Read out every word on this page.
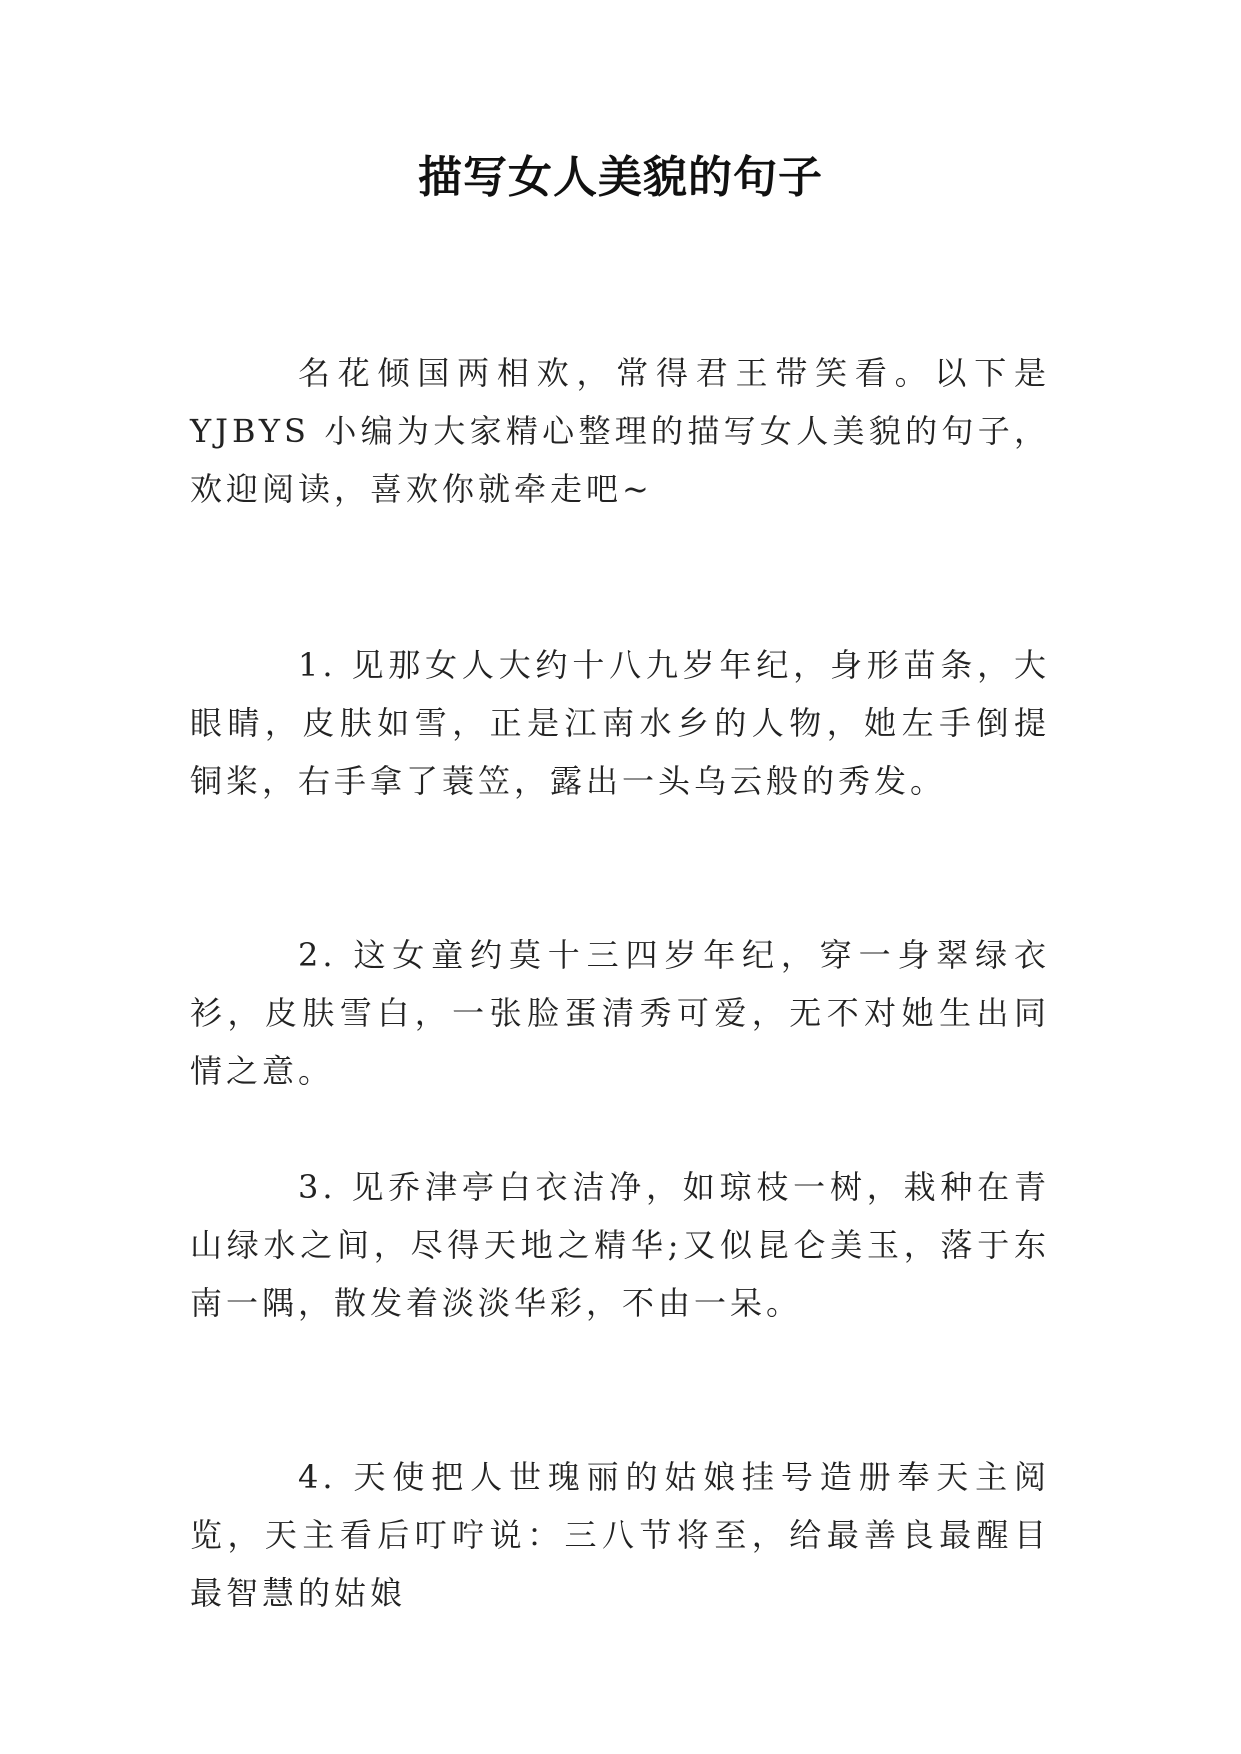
描写女人美貌的句子

名花倾国两相欢，常得君王带笑看。以下是 YJBYS 小编为大家精心整理的描写女人美貌的句子，欢迎阅读，喜欢你就牵走吧~

1. 见那女人大约十八九岁年纪，身形苗条，大眼睛，皮肤如雪，正是江南水乡的人物，她左手倒提铜桨，右手拿了蓑笠，露出一头乌云般的秀发。

2. 这女童约莫十三四岁年纪，穿一身翠绿衣衫，皮肤雪白，一张脸蛋清秀可爱，无不对她生出同情之意。

3. 见乔津亭白衣洁净，如琼枝一树，栽种在青山绿水之间，尽得天地之精华;又似昆仑美玉，落于东南一隅，散发着淡淡华彩，不由一呆。

4. 天使把人世瑰丽的姑娘挂号造册奉天主阅览，天主看后叮咛说：三八节将至，给最善良最醒目最智慧的姑娘
